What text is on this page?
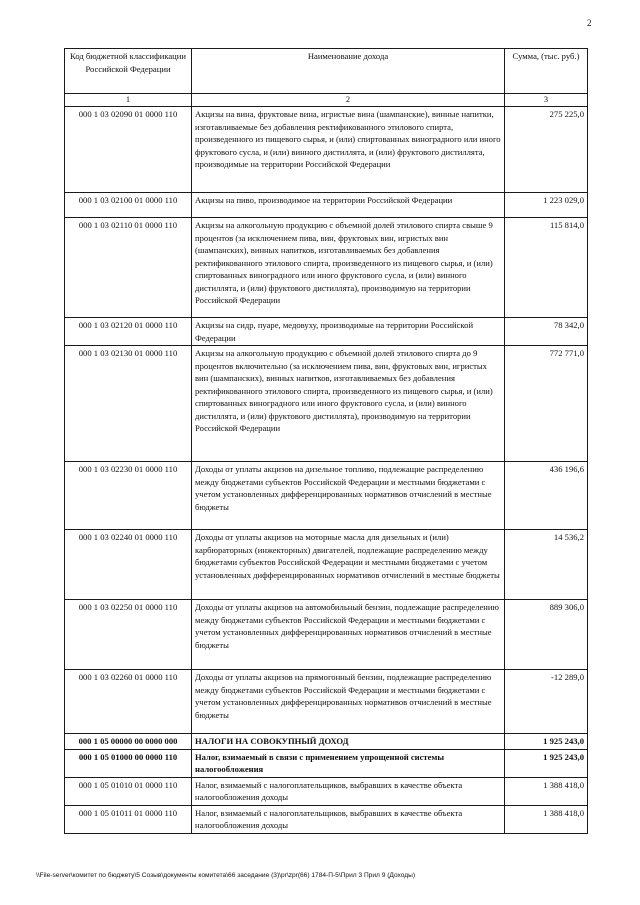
2
Код бюджетной классификации Российской Федерации	Наименование дохода	Сумма, (тыс. руб.)
1	2	3
000 1 03 02090 01 0000 110	Акцизы на вина, фруктовые вина, игристые вина (шампанские), винные напитки, изготавливаемые без добавления ректификованного этилового спирта, произведенного из пищевого сырья, и (или) спиртованных виноградного или иного фруктового сусла, и (или) винного дистиллята, и (или) фруктового дистиллята, производимые на территории Российской Федерации	275 225,0
000 1 03 02100 01 0000 110	Акцизы на пиво, производимое на территории Российской Федерации	1 223 029,0
000 1 03 02110 01 0000 110	Акцизы на алкогольную продукцию с объемной долей этилового спирта свыше 9 процентов (за исключением пива, вин, фруктовых вин, игристых вин (шампанских), винных напитков, изготавливаемых без добавления ректификованного этилового спирта, произведенного из пищевого сырья, и (или) спиртованных виноградного или иного фруктового сусла, и (или) винного дистиллята, и (или) фруктового дистиллята), производимую на территории Российской Федерации	115 814,0
000 1 03 02120 01 0000 110	Акцизы на сидр, пуаре, медовуху, производимые на территории Российской Федерации	78 342,0
000 1 03 02130 01 0000 110	Акцизы на алкогольную продукцию с объемной долей этилового спирта до 9 процентов включительно (за исключением пива, вин, фруктовых вин, игристых вин (шампанских), винных напитков, изготавливаемых без добавления ректификованного этилового спирта, произведенного из пищевого сырья, и (или) спиртованных виноградного или иного фруктового сусла, и (или) винного дистиллята, и (или) фруктового дистиллята), производимую на территории Российской Федерации	772 771,0
000 1 03 02230 01 0000 110	Доходы от уплаты акцизов на дизельное топливо, подлежащие распределению между бюджетами субъектов Российской Федерации и местными бюджетами с учетом установленных дифференцированных нормативов отчислений в местные бюджеты	436 196,6
000 1 03 02240 01 0000 110	Доходы от уплаты акцизов на моторные масла для дизельных и (или) карбюраторных (инжекторных) двигателей, подлежащие распределению между бюджетами субъектов Российской Федерации и местными бюджетами с учетом установленных дифференцированных нормативов отчислений в местные бюджеты	14 536,2
000 1 03 02250 01 0000 110	Доходы от уплаты акцизов на автомобильный бензин, подлежащие распределению между бюджетами субъектов Российской Федерации и местными бюджетами с учетом установленных дифференцированных нормативов отчислений в местные бюджеты	889 306,0
000 1 03 02260 01 0000 110	Доходы от уплаты акцизов на прямогонный бензин, подлежащие распределению между бюджетами субъектов Российской Федерации и местными бюджетами с учетом установленных дифференцированных нормативов отчислений в местные бюджеты	-12 289,0
000 1 05 00000 00 0000 000	НАЛОГИ НА СОВОКУПНЫЙ ДОХОД	1 925 243,0
000 1 05 01000 00 0000 110	Налог, взимаемый в связи с применением упрощенной системы налогообложения	1 925 243,0
000 1 05 01010 01 0000 110	Налог, взимаемый с налогоплательщиков, выбравших в качестве объекта налогообложения доходы	1 388 418,0
000 1 05 01011 01 0000 110	Налог, взимаемый с налогоплательщиков, выбравших в качестве объекта налогообложения доходы	1 388 418,0
\\File-server\комитет по бюджету\5 Созыв\документы комитета\66 заседание (3)\pr\zpr(66) 1784-П-5\Прил 3 Прил 9 (Доходы)
